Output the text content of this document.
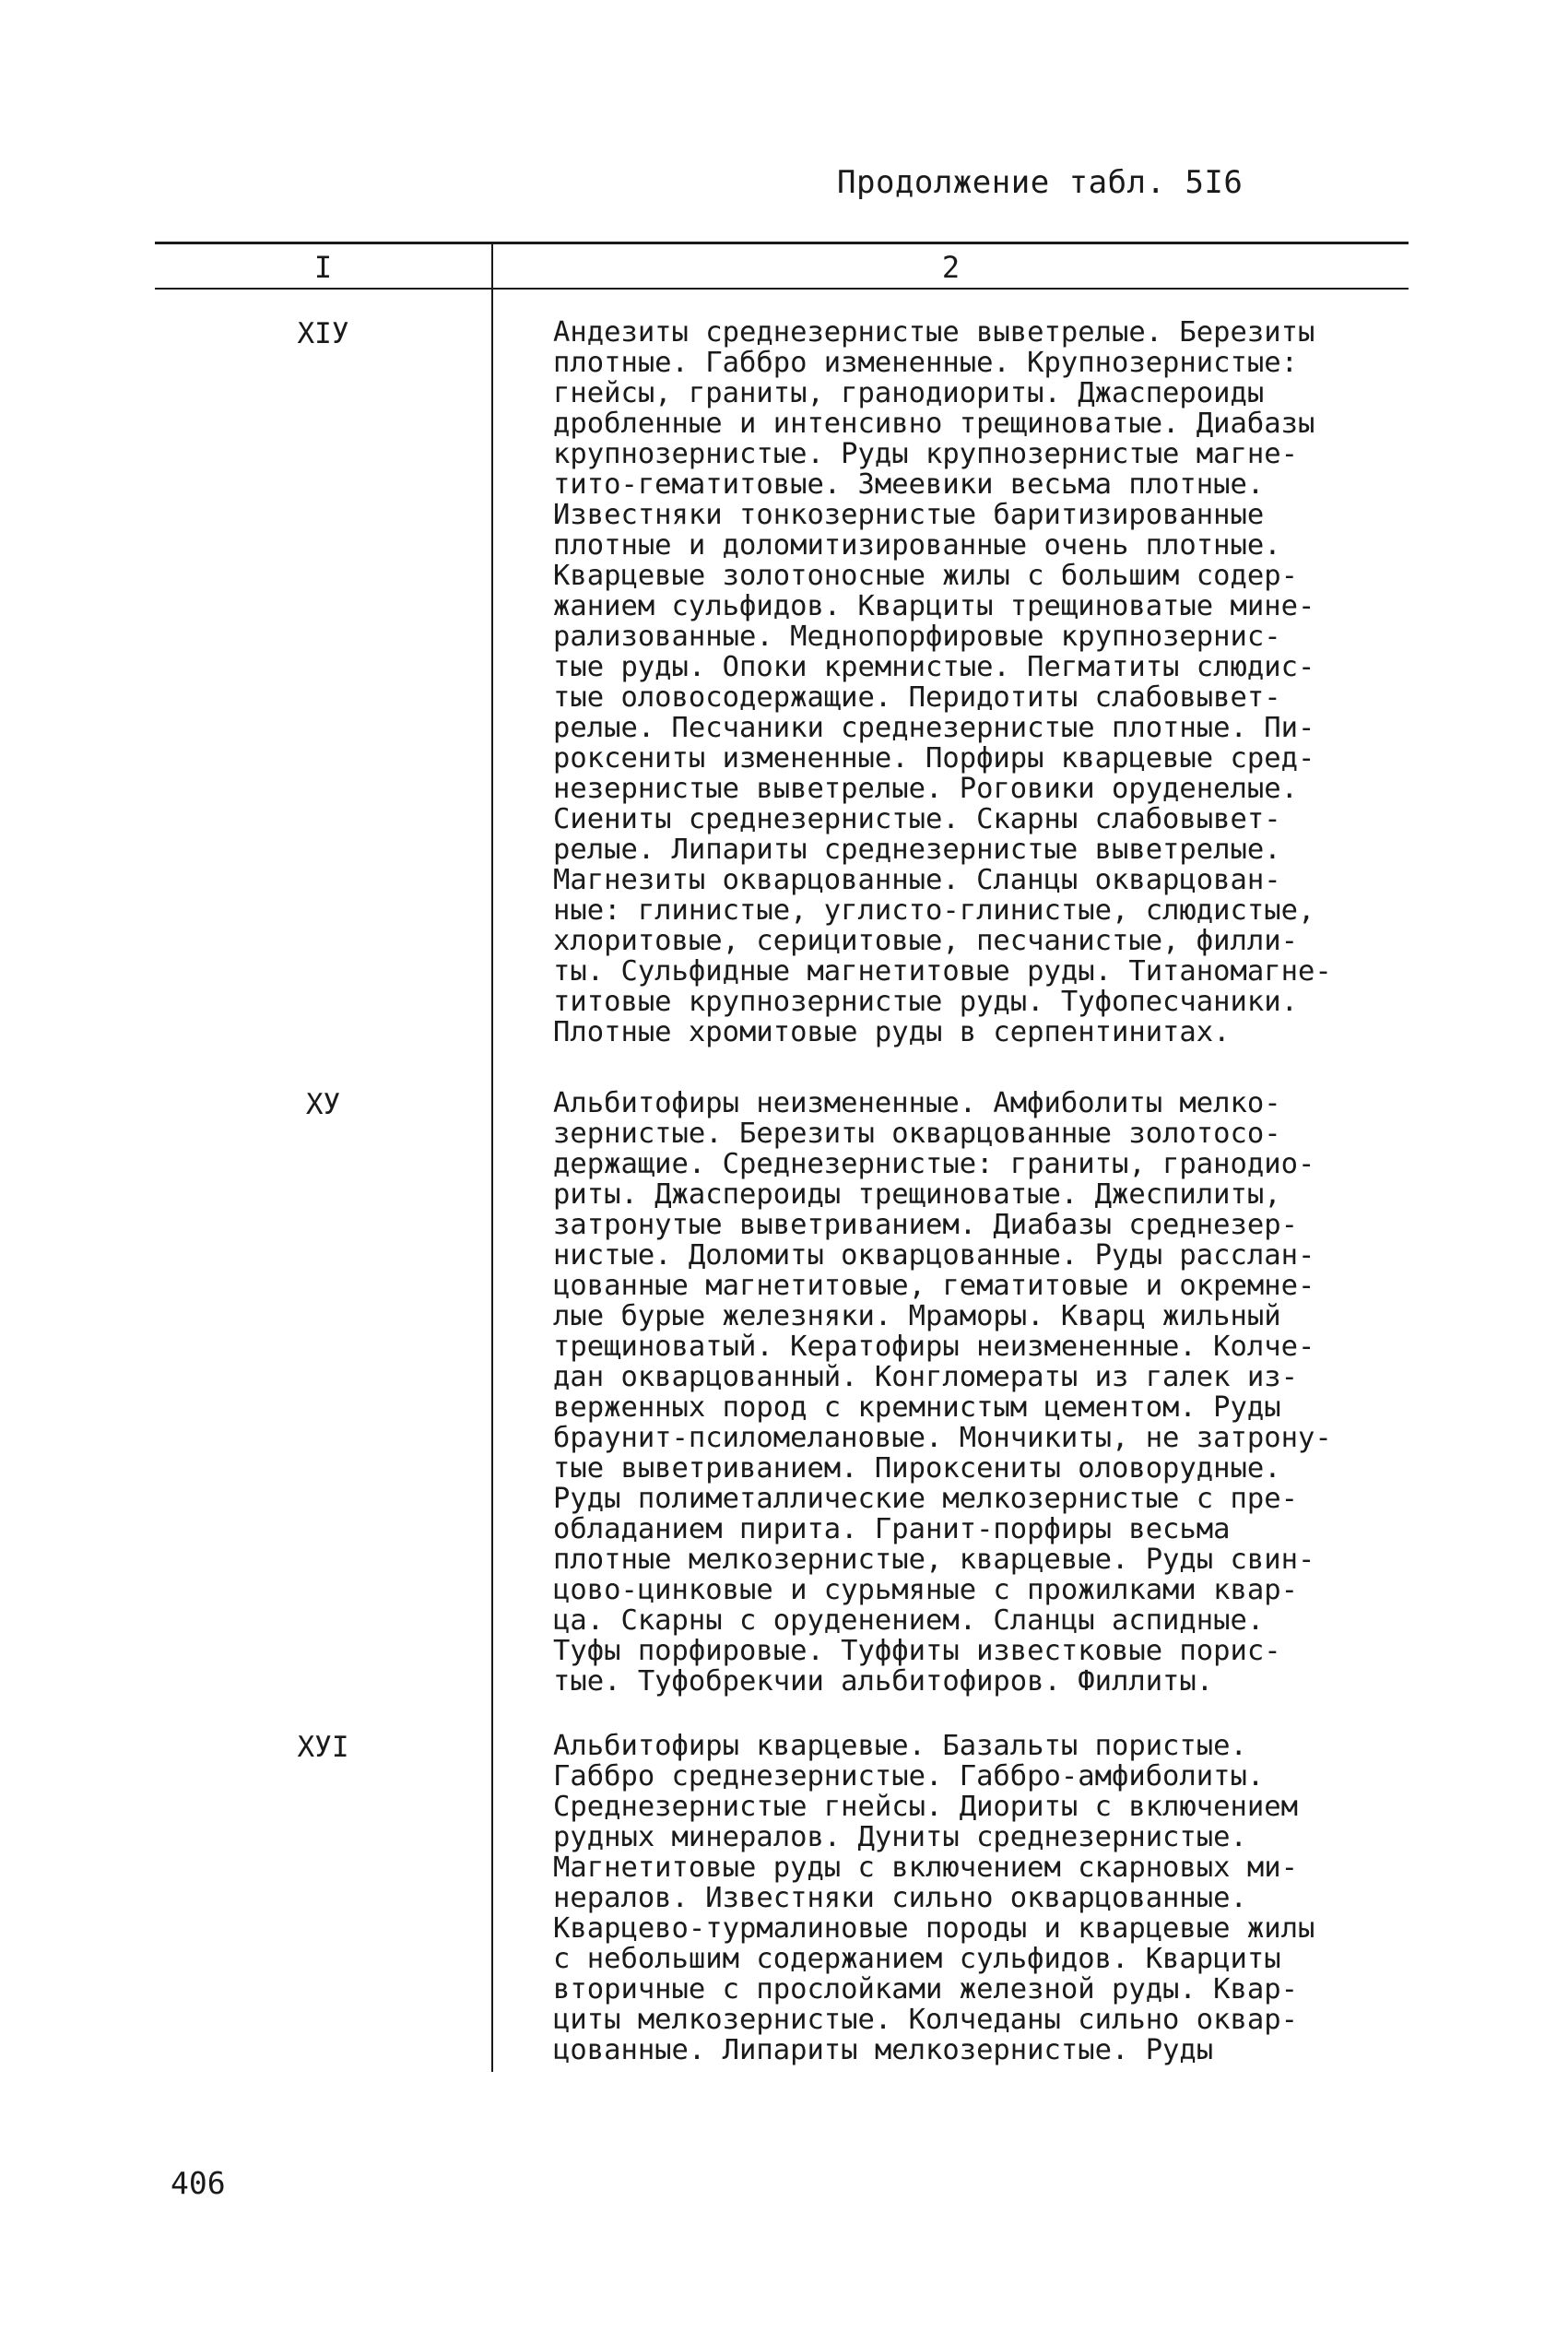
Продолжение табл. 5I6
I	2
XIУ	Андезиты среднезернистые выветрелые. Березиты
плотные. Габбро измененные. Крупнозернистые:
гнейсы, граниты, гранодиориты. Джаспероиды
дробленные и интенсивно трещиноватые. Диабазы
крупнозернистые. Руды крупнозернистые магне-
тито-гематитовые. Змеевики весьма плотные.
Известняки тонкозернистые баритизированные
плотные и доломитизированные очень плотные.
Кварцевые золотоносные жилы с большим содер-
жанием сульфидов. Кварциты трещиноватые мине-
рализованные. Меднопорфировые крупнозернис-
тые руды. Опоки кремнистые. Пегматиты слюдис-
тые оловосодержащие. Перидотиты слабовывет-
релые. Песчаники среднезернистые плотные. Пи-
роксениты измененные. Порфиры кварцевые сред-
незернистые выветрелые. Роговики оруденелые.
Сиениты среднезернистые. Скарны слабовывет-
релые. Липариты среднезернистые выветрелые.
Магнезиты окварцованные. Сланцы окварцован-
ные: глинистые, углисто-глинистые, слюдистые,
хлоритовые, серицитовые, песчанистые, филли-
ты. Сульфидные магнетитовые руды. Титаномагне-
титовые крупнозернистые руды. Туфопесчаники.
Плотные хромитовые руды в серпентинитах.
ХУ	Альбитофиры неизмененные. Амфиболиты мелко-
зернистые. Березиты окварцованные золотосо-
держащие. Среднезернистые: граниты, гранодио-
риты. Джаспероиды трещиноватые. Джеспилиты,
затронутые выветриванием. Диабазы среднезер-
нистые. Доломиты окварцованные. Руды расслан-
цованные магнетитовые, гематитовые и окремне-
лые бурые железняки. Мраморы. Кварц жильный
трещиноватый. Кератофиры неизмененные. Колче-
дан окварцованный. Конгломераты из галек из-
верженных пород с кремнистым цементом. Руды
браунит-псиломелановые. Мончикиты, не затрону-
тые выветриванием. Пироксениты оловорудные.
Руды полиметаллические мелкозернистые с пре-
обладанием пирита. Гранит-порфиры весьма
плотные мелкозернистые, кварцевые. Руды свин-
цово-цинковые и сурьмяные с прожилками квар-
ца. Скарны с оруденением. Сланцы аспидные.
Туфы порфировые. Туффиты известковые порис-
тые. Туфобрекчии альбитофиров. Филлиты.
ХУI	Альбитофиры кварцевые. Базальты пористые.
Габбро среднезернистые. Габбро-амфиболиты.
Среднезернистые гнейсы. Диориты с включением
рудных минералов. Дуниты среднезернистые.
Магнетитовые руды с включением скарновых ми-
нералов. Известняки сильно окварцованные.
Кварцево-турмалиновые породы и кварцевые жилы
с небольшим содержанием сульфидов. Кварциты
вторичные с прослойками железной руды. Квар-
циты мелкозернистые. Колчеданы сильно оквар-
цованные. Липариты мелкозернистые. Руды
406
